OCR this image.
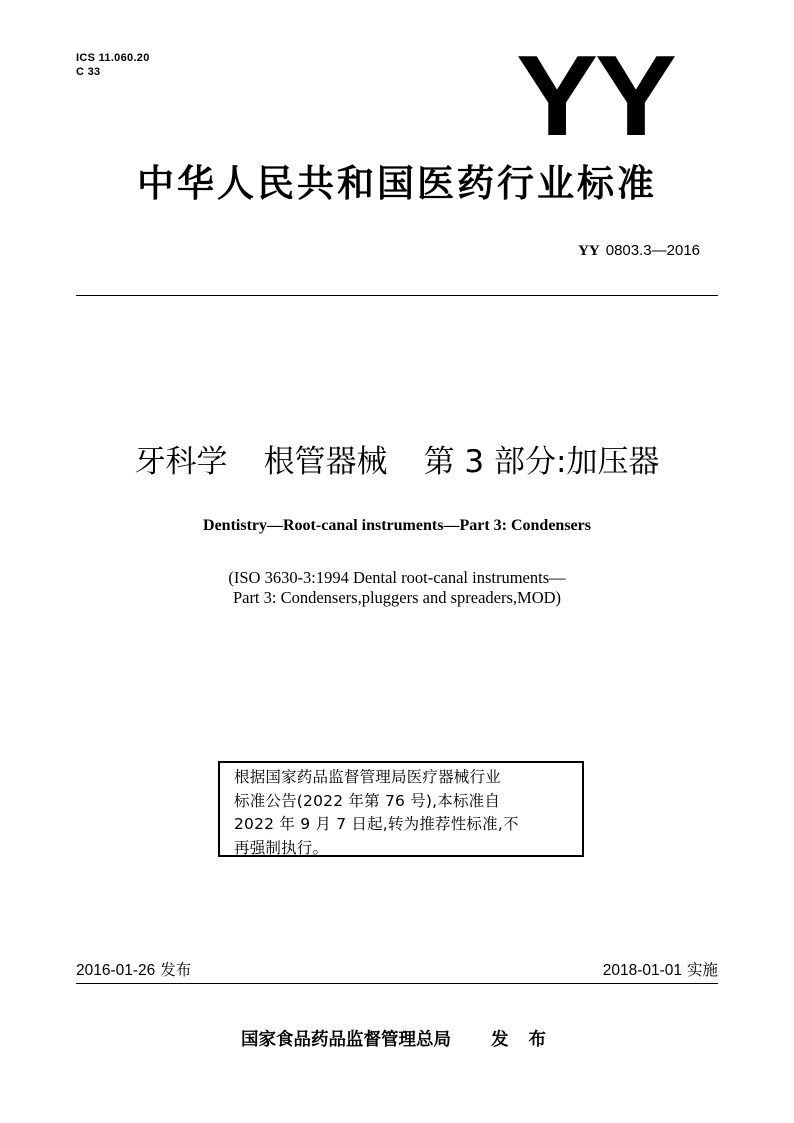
ICS 11.060.20
C 33	YY
中华人民共和国医药行业标准
YY 0803.3—2016
牙科学 根管器械 第 3 部分:加压器
Dentistry—Root-canal instruments—Part 3: Condensers
(ISO 3630-3:1994 Dental root-canal instruments—
Part 3: Condensers,pluggers and spreaders,MOD)
根据国家药品监督管理局医疗器械行业
标准公告(2022 年第 76 号),本标准自
2022 年 9 月 7 日起,转为推荐性标准,不
再强制执行。
2016-01-26 发布	2018-01-01 实施
国家食品药品监督管理总局 发 布
